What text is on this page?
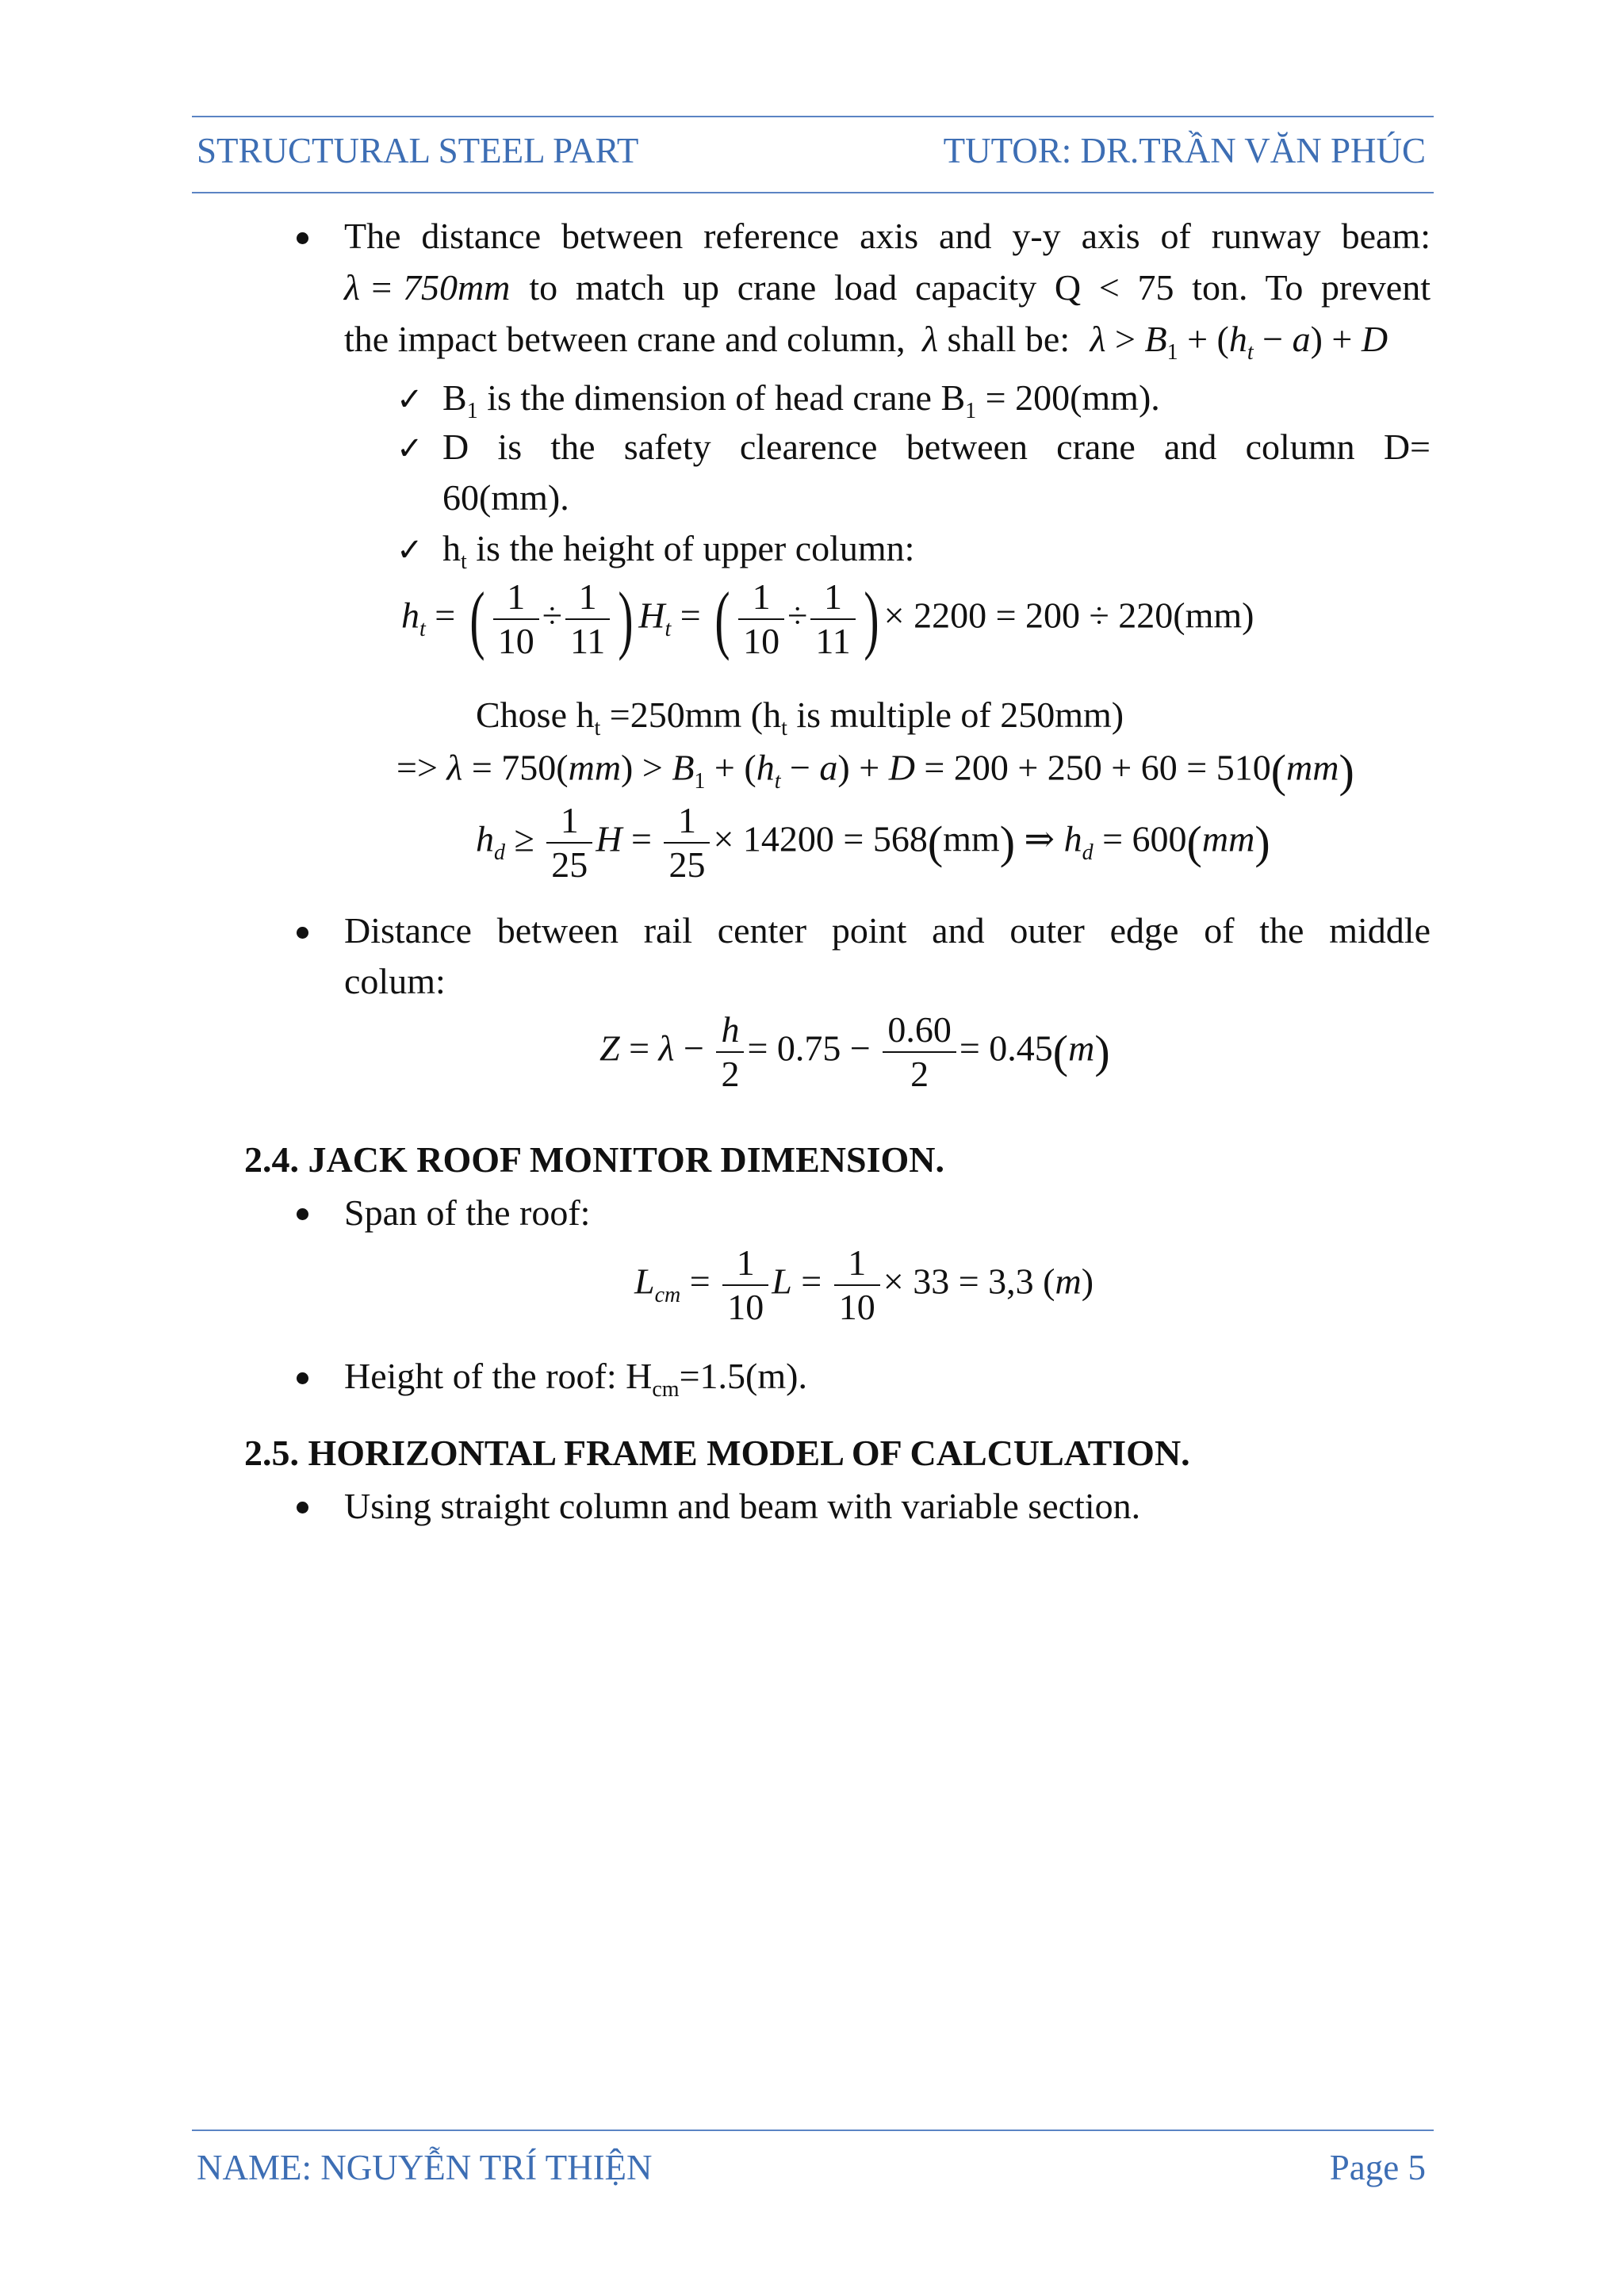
STRUCTURAL STEEL PART	TUTOR: DR.TRẦN VĂN PHÚC
The distance between reference axis and y-y axis of runway beam:
λ = 750mm to match up crane load capacity Q < 75 ton. To prevent
the impact between crane and column, λ shall be: $\lambda > B_1 + (h_t - a) + D$
✓ $B_1$ is the dimension of head crane $B_1 = 200(mm)$.
✓ D is the safety clearence between crane and column D=
60(mm).
✓ $h_t$ is the height of upper column:
$h_t$ = ( $\frac{1}{10} \div \frac{1}{11}$ ) $H_t$ = ( $\frac{1}{10} \div \frac{1}{11}$ ) × 2200 = 200 ÷ 220(mm)
Chose $h_t =250mm$ ($h_t$ is multiple of 250mm)
=> $\lambda = 750(mm) > B_1 + (h_t - a) + D = 200 + 250 + 60 = 510(mm)$
$h_d \ge \frac{1}{25}$ $H = \frac{1}{25} \times 14200 = 568(mm)$ ⇒ $h_d = 600(mm)$
Distance between rail center point and outer edge of the middle
colum:
$Z = \lambda - \frac{h}{2} = 0.75 - \frac{0.60}{2} = 0.45(m)$
2.4. JACK ROOF MONITOR DIMENSION.
Span of the roof:
$L_{cm} = \frac{1}{10}$ $L = \frac{1}{10} \times 33 = 3,3$ (m)
Height of the roof: $H_{cm}=1.5(m)$.
2.5. HORIZONTAL FRAME MODEL OF CALCULATION.
Using straight column and beam with variable section.
NAME: NGUYỄN TRÍ THIỆN	Page 5
